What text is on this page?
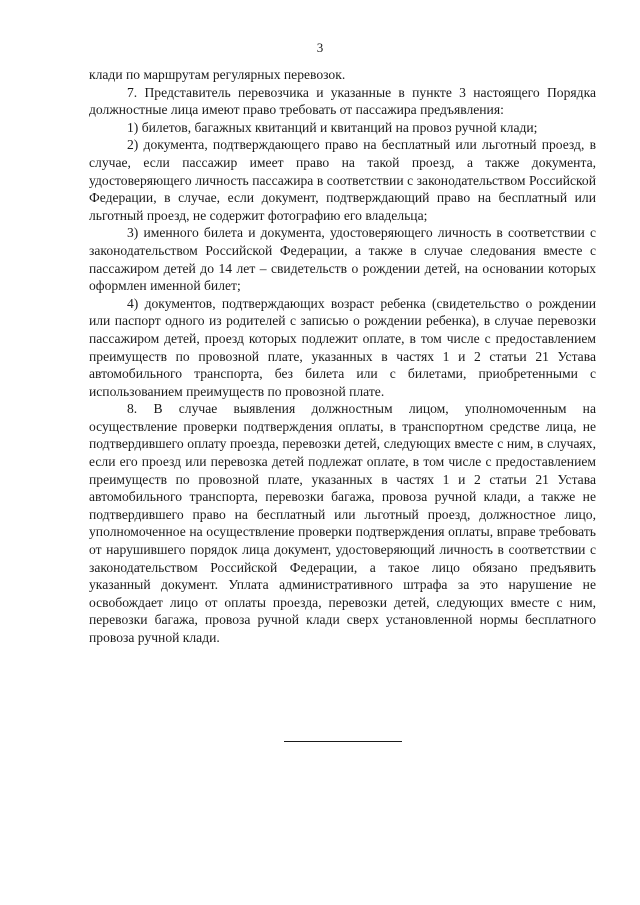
3

клади по маршрутам регулярных перевозок.

7. Представитель перевозчика и указанные в пункте 3 настоящего Порядка должностные лица имеют право требовать от пассажира предъявления:

1) билетов, багажных квитанций и квитанций на провоз ручной клади;

2) документа, подтверждающего право на бесплатный или льготный проезд, в случае, если пассажир имеет право на такой проезд, а также документа, удостоверяющего личность пассажира в соответствии с законодательством Российской Федерации, в случае, если документ, подтверждающий право на бесплатный или льготный проезд, не содержит фотографию его владельца;

3) именного билета и документа, удостоверяющего личность в соответствии с законодательством Российской Федерации, а также в случае следования вместе с пассажиром детей до 14 лет – свидетельств о рождении детей, на основании которых оформлен именной билет;

4) документов, подтверждающих возраст ребенка (свидетельство о рождении или паспорт одного из родителей с записью о рождении ребенка), в случае перевозки пассажиром детей, проезд которых подлежит оплате, в том числе с предоставлением преимуществ по провозной плате, указанных в частях 1 и 2 статьи 21 Устава автомобильного транспорта, без билета или с билетами, приобретенными с использованием преимуществ по провозной плате.

8. В случае выявления должностным лицом, уполномоченным на осуществление проверки подтверждения оплаты, в транспортном средстве лица, не подтвердившего оплату проезда, перевозки детей, следующих вместе с ним, в случаях, если его проезд или перевозка детей подлежат оплате, в том числе с предоставлением преимуществ по провозной плате, указанных в частях 1 и 2 статьи 21 Устава автомобильного транспорта, перевозки багажа, провоза ручной клади, а также не подтвердившего право на бесплатный или льготный проезд, должностное лицо, уполномоченное на осуществление проверки подтверждения оплаты, вправе требовать от нарушившего порядок лица документ, удостоверяющий личность в соответствии с законодательством Российской Федерации, а такое лицо обязано предъявить указанный документ. Уплата административного штрафа за это нарушение не освобождает лицо от оплаты проезда, перевозки детей, следующих вместе с ним, перевозки багажа, провоза ручной клади сверх установленной нормы бесплатного провоза ручной клади.
